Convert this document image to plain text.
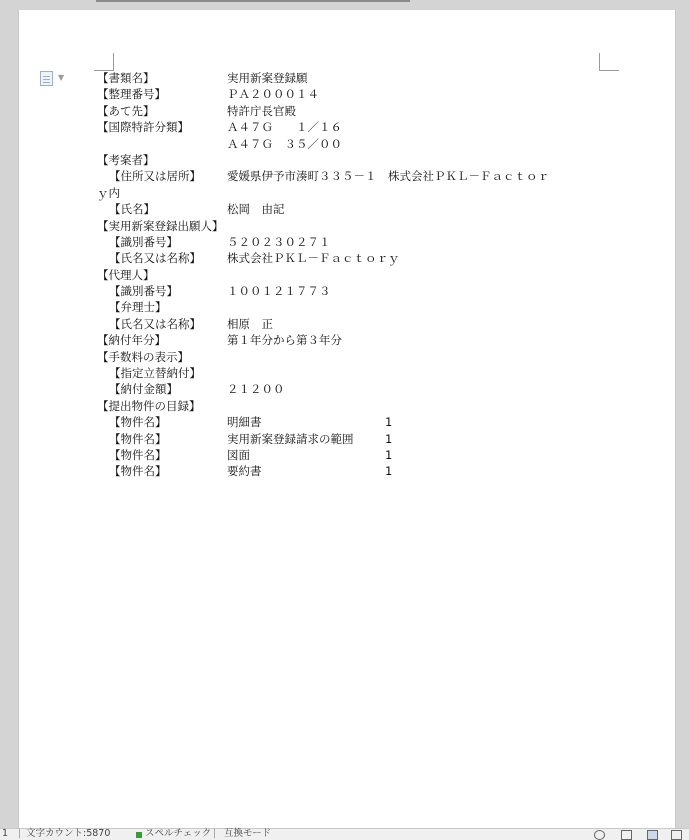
▼	【書類名】	実用新案登録願
【整理番号】	ＰＡ２０００１４
【あて先】	特許庁長官殿
【国際特許分類】	Ａ４７Ｇ　　１／１６
Ａ４７Ｇ　３５／００
【考案者】
【住所又は居所】 愛媛県伊予市湊町３３５－１　株式会社ＰＫＬ－Ｆａｃｔｏｒ
ｙ内
【氏名】	松岡　由記
【実用新案登録出願人】
【識別番号】	５２０２３０２７１
【氏名又は名称】 株式会社ＰＫＬ－Ｆａｃｔｏｒｙ
【代理人】
【識別番号】	１００１２１７７３
【弁理士】
【氏名又は名称】 相原　正
【納付年分】	第１年分から第３年分
【手数料の表示】
【指定立替納付】
【納付金額】	２１２００
【提出物件の目録】
【物件名】	明細書	1
【物件名】	実用新案登録請求の範囲	1
【物件名】	図面	1
【物件名】	要約書	1
1 | 文字カウント:5870	スペルチェック | 互換モード
